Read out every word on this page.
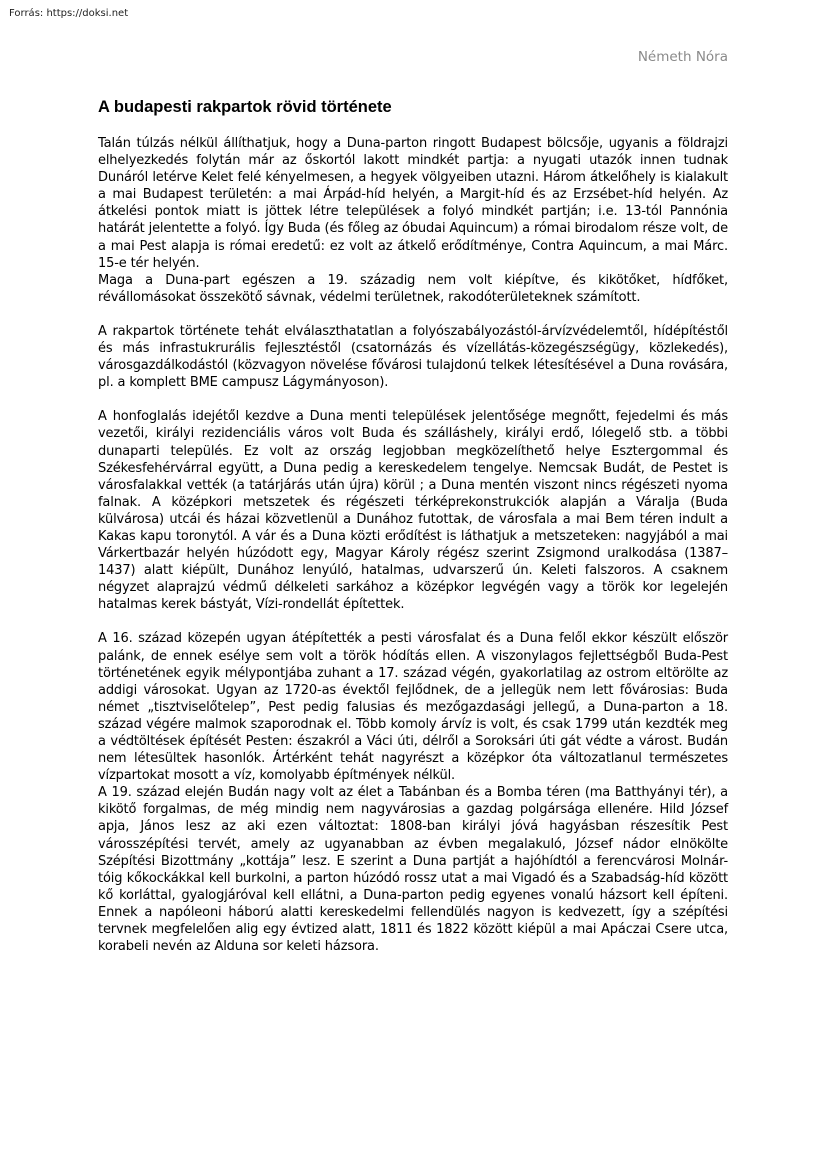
Forrás: https://doksi.net

Németh Nóra

A budapesti rakpartok rövid története

Talán túlzás nélkül állíthatjuk, hogy a Duna-parton ringott Budapest bölcsője, ugyanis a földrajzi elhelyezkedés folytán már az őskortól lakott mindkét partja: a nyugati utazók innen tudnak Dunáról letérve Kelet felé kényelmesen, a hegyek völgyeiben utazni. Három átkelőhely is kialakult a mai Budapest területén: a mai Árpád-híd helyén, a Margit-híd és az Erzsébet-híd helyén. Az átkelési pontok miatt is jöttek létre települések a folyó mindkét partján; i.e. 13-tól Pannónia határát jelentette a folyó. Így Buda (és főleg az óbudai Aquincum) a római birodalom része volt, de a mai Pest alapja is római eredetű: ez volt az átkelő erődítménye, Contra Aquincum, a mai Márc. 15-e tér helyén.

Maga a Duna-part egészen a 19. századig nem volt kiépítve, és kikötőket, hídfőket, révállomásokat összekötő sávnak, védelmi területnek, rakodóterületeknek számított.

A rakpartok története tehát elválaszthatatlan a folyószabályozástól-árvízvédelemtől, hídépítéstől és más infrastukrurális fejlesztéstől (csatornázás és vízellátás-közegészségügy, közlekedés), városgazdálkodástól (közvagyon növelése fővárosi tulajdonú telkek létesítésével a Duna rovására, pl. a komplett BME campusz Lágymányoson).

A honfoglalás idejétől kezdve a Duna menti települések jelentősége megnőtt, fejedelmi és más vezetői, királyi rezidenciális város volt Buda és szálláshely, királyi erdő, lólegelő stb. a többi dunaparti település. Ez volt az ország legjobban megközelíthető helye Esztergommal és Székesfehérvárral együtt, a Duna pedig a kereskedelem tengelye. Nemcsak Budát, de Pestet is városfalakkal vették (a tatárjárás után újra) körül ; a Duna mentén viszont nincs régészeti nyoma falnak. A középkori metszetek és régészeti térképrekonstrukciók alapján a Váralja (Buda külvárosa) utcái és házai közvetlenül a Dunához futottak, de városfala a mai Bem téren indult a Kakas kapu toronytól. A vár és a Duna közti erődítést is láthatjuk a metszeteken: nagyjából a mai Várkertbazár helyén húzódott egy, Magyar Károly régész szerint Zsigmond uralkodása (1387–1437) alatt kiépült, Dunához lenyúló, hatalmas, udvarszerű ún. Keleti falszoros. A csaknem négyzet alaprajzú védmű délkeleti sarkához a középkor legvégén vagy a török kor legelején hatalmas kerek bástyát, Vízi-rondellát építettek.

A 16. század közepén ugyan átépítették a pesti városfalat és a Duna felől ekkor készült először palánk, de ennek esélye sem volt a török hódítás ellen. A viszonylagos fejlettségből Buda-Pest történetének egyik mélypontjába zuhant a 17. század végén, gyakorlatilag az ostrom eltörölte az addigi városokat. Ugyan az 1720-as évektől fejlődnek, de a jellegük nem lett fővárosias: Buda német „tisztviselőtelep”, Pest pedig falusias és mezőgazdasági jellegű, a Duna-parton a 18. század végére malmok szaporodnak el. Több komoly árvíz is volt, és csak 1799 után kezdték meg a védtöltések építését Pesten: északról a Váci úti, délről a Soroksári úti gát védte a várost. Budán nem létesültek hasonlók. Ártérként tehát nagyrészt a középkor óta változatlanul természetes vízpartokat mosott a víz, komolyabb építmények nélkül.

A 19. század elején Budán nagy volt az élet a Tabánban és a Bomba téren (ma Batthyányi tér), a kikötő forgalmas, de még mindig nem nagyvárosias a gazdag polgársága ellenére. Hild József apja, János lesz az aki ezen változtat: 1808-ban királyi jóvá hagyásban részesítik Pest városszépítési tervét, amely az ugyanabban az évben megalakuló, József nádor elnökölte Szépítési Bizottmány „kottája” lesz. E szerint a Duna partját a hajóhídtól a ferencvárosi Molnár-tóig kőkockákkal kell burkolni, a parton húzódó rossz utat a mai Vigadó és a Szabadság-híd között kő korláttal, gyalogjáróval kell ellátni, a Duna-parton pedig egyenes vonalú házsort kell építeni. Ennek a napóleoni háború alatti kereskedelmi fellendülés nagyon is kedvezett, így a szépítési tervnek megfelelően alig egy évtized alatt, 1811 és 1822 között kiépül a mai Apáczai Csere utca, korabeli nevén az Alduna sor keleti házsora.
